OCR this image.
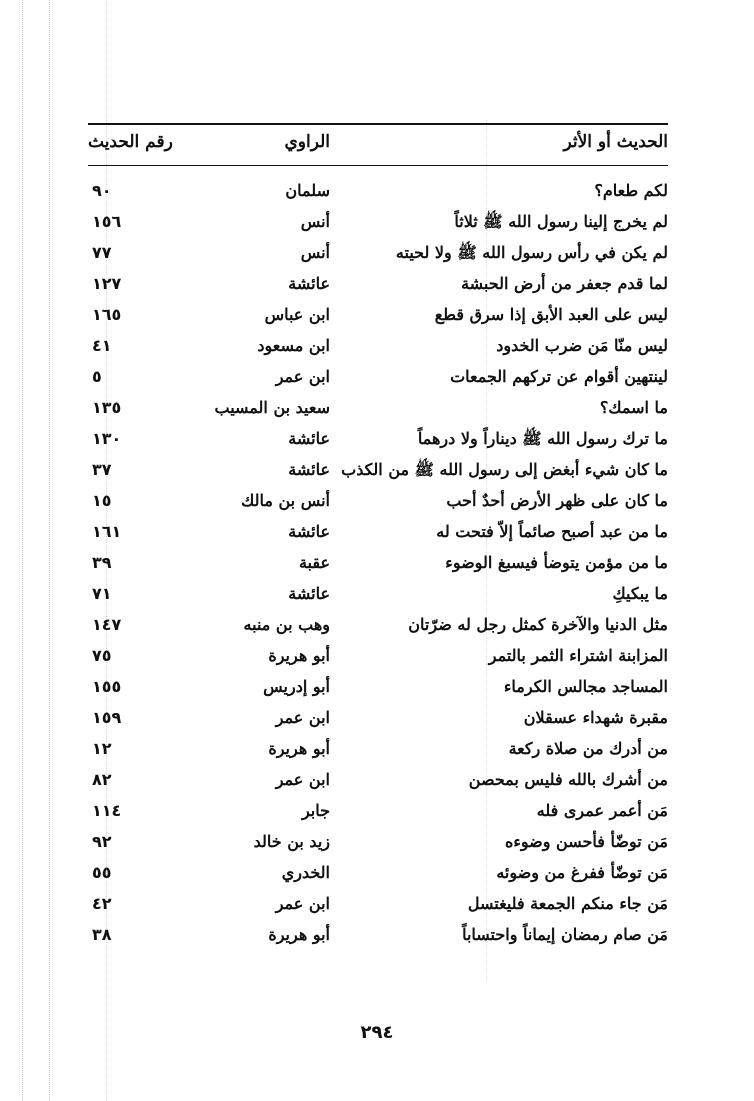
الحديث أو الأثر
الراوي
رقم الحديث
لكم طعام؟
سلمان
٩٠
لم يخرج إلينا رسول الله ﷺ ثلاثاً
أنس
١٥٦
لم يكن في رأس رسول الله ﷺ ولا لحيته
أنس
٧٧
لما قدم جعفر من أرض الحبشة
عائشة
١٢٧
ليس على العبد الأبق إذا سرق قطع
ابن عباس
١٦٥
ليس منّا مَن ضرب الخدود
ابن مسعود
٤١
لينتهين أقوام عن تركهم الجمعات
ابن عمر
٥
ما اسمك؟
سعيد بن المسيب
١٣٥
ما ترك رسول الله ﷺ ديناراً ولا درهماً
عائشة
١٣٠
ما كان شيء أبغض إلى رسول الله ﷺ من الكذب
عائشة
٣٧
ما كان على ظهر الأرض أحدٌ أحب
أنس بن مالك
١٥
ما من عبد أصبح صائماً إلاّ فتحت له
عائشة
١٦١
ما من مؤمن يتوضأ فيسبغ الوضوء
عقبة
٣٩
ما يبكيكِ
عائشة
٧١
مثل الدنيا والآخرة كمثل رجل له ضرّتان
وهب بن منبه
١٤٧
المزابنة اشتراء الثمر بالتمر
أبو هريرة
٧٥
المساجد مجالس الكرماء
أبو إدريس
١٥٥
مقبرة شهداء عسقلان
ابن عمر
١٥٩
من أدرك من صلاة ركعة
أبو هريرة
١٢
من أشرك بالله فليس بمحصن
ابن عمر
٨٢
مَن أعمر عمرى فله
جابر
١١٤
مَن توضّأ فأحسن وضوءه
زيد بن خالد
٩٢
مَن توضّأ ففرغ من وضوئه
الخدري
٥٥
مَن جاء منكم الجمعة فليغتسل
ابن عمر
٤٢
مَن صام رمضان إيماناً واحتساباً
أبو هريرة
٣٨
٢٩٤
